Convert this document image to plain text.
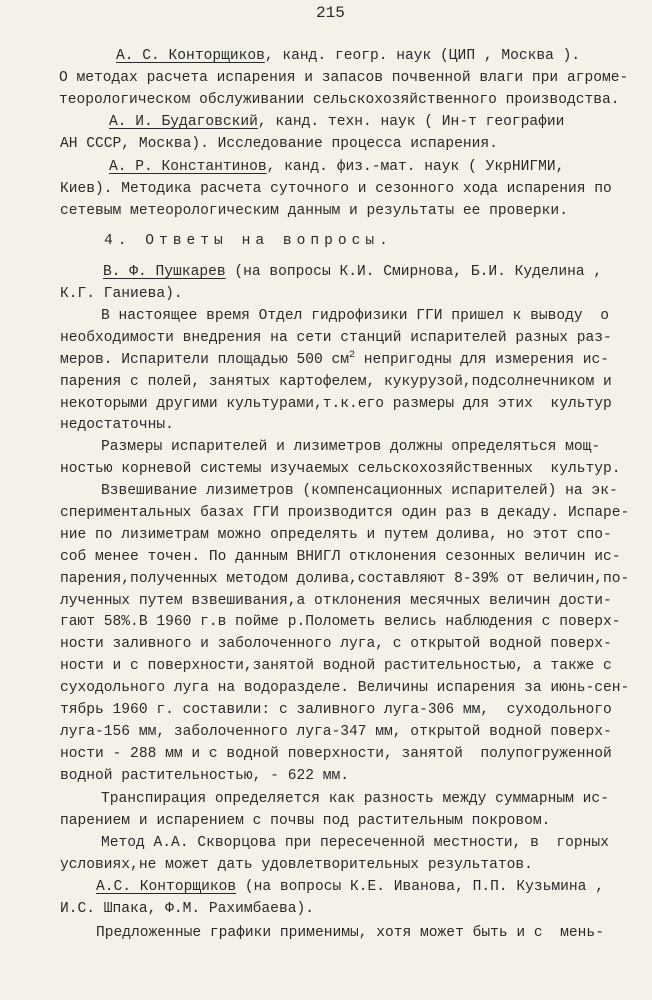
215
А. С. Конторщиков, канд. геогр. наук (ЦИП , Москва ).
О методах расчета испарения и запасов почвенной влаги при агроме-
теорологическом обслуживании сельскохозяйственного производства.
А. И. Будаговский, канд. техн. наук ( Ин-т географии
АН СССР, Москва). Исследование процесса испарения.
А. Р. Константинов, канд. физ.-мат. наук ( УкрНИГМИ,
Киев). Методика расчета суточного и сезонного хода испарения по
сетевым метеорологическим данным и результаты ее проверки.
4. Ответы на вопросы.
В. Ф. Пушкарев (на вопросы К.И. Смирнова, Б.И. Куделина ,
К.Г. Ганиева).
В настоящее время Отдел гидрофизики ГГИ пришел к выводу  о
необходимости внедрения на сети станций испарителей разных раз-
меров. Испарители площадью 500 $см^2$ непригодны для измерения ис-
парения с полей, занятых картофелем, кукурузой,подсолнечником и
некоторыми другими культурами,т.к.его размеры для этих  культур
недостаточны.
Размеры испарителей и лизиметров должны определяться мощ-
ностью корневой системы изучаемых сельскохозяйственных  культур.
Взвешивание лизиметров (компенсационных испарителей) на эк-
спериментальных базах ГГИ производится один раз в декаду. Испаре-
ние по лизиметрам можно определять и путем долива, но этот спо-
соб менее точен. По данным ВНИГЛ отклонения сезонных величин ис-
парения,полученных методом долива,составляют 8-39% от величин,по-
лученных путем взвешивания,а отклонения месячных величин дости-
гают 58%.В 1960 г.в пойме р.Полометь велись наблюдения с поверх-
ности заливного и заболоченного луга, с открытой водной поверх-
ности и с поверхности,занятой водной растительностью, а также с
суходольного луга на водоразделе. Величины испарения за июнь-сен-
тябрь 1960 г. составили: с заливного луга-306 мм,  суходольного
луга-156 мм, заболоченного луга-347 мм, открытой водной поверх-
ности - 288 мм и с водной поверхности, занятой  полупогруженной
водной растительностью, - 622 мм.
Транспирация определяется как разность между суммарным ис-
парением и испарением с почвы под растительным покровом.
Метод А.А. Скворцова при пересеченной местности, в  горных
условиях,не может дать удовлетворительных результатов.
А.С. Конторщиков (на вопросы К.Е. Иванова, П.П. Кузьмина ,
И.С. Шпака, Ф.М. Рахимбаева).
Предложенные графики применимы, хотя может быть и с  мень-
